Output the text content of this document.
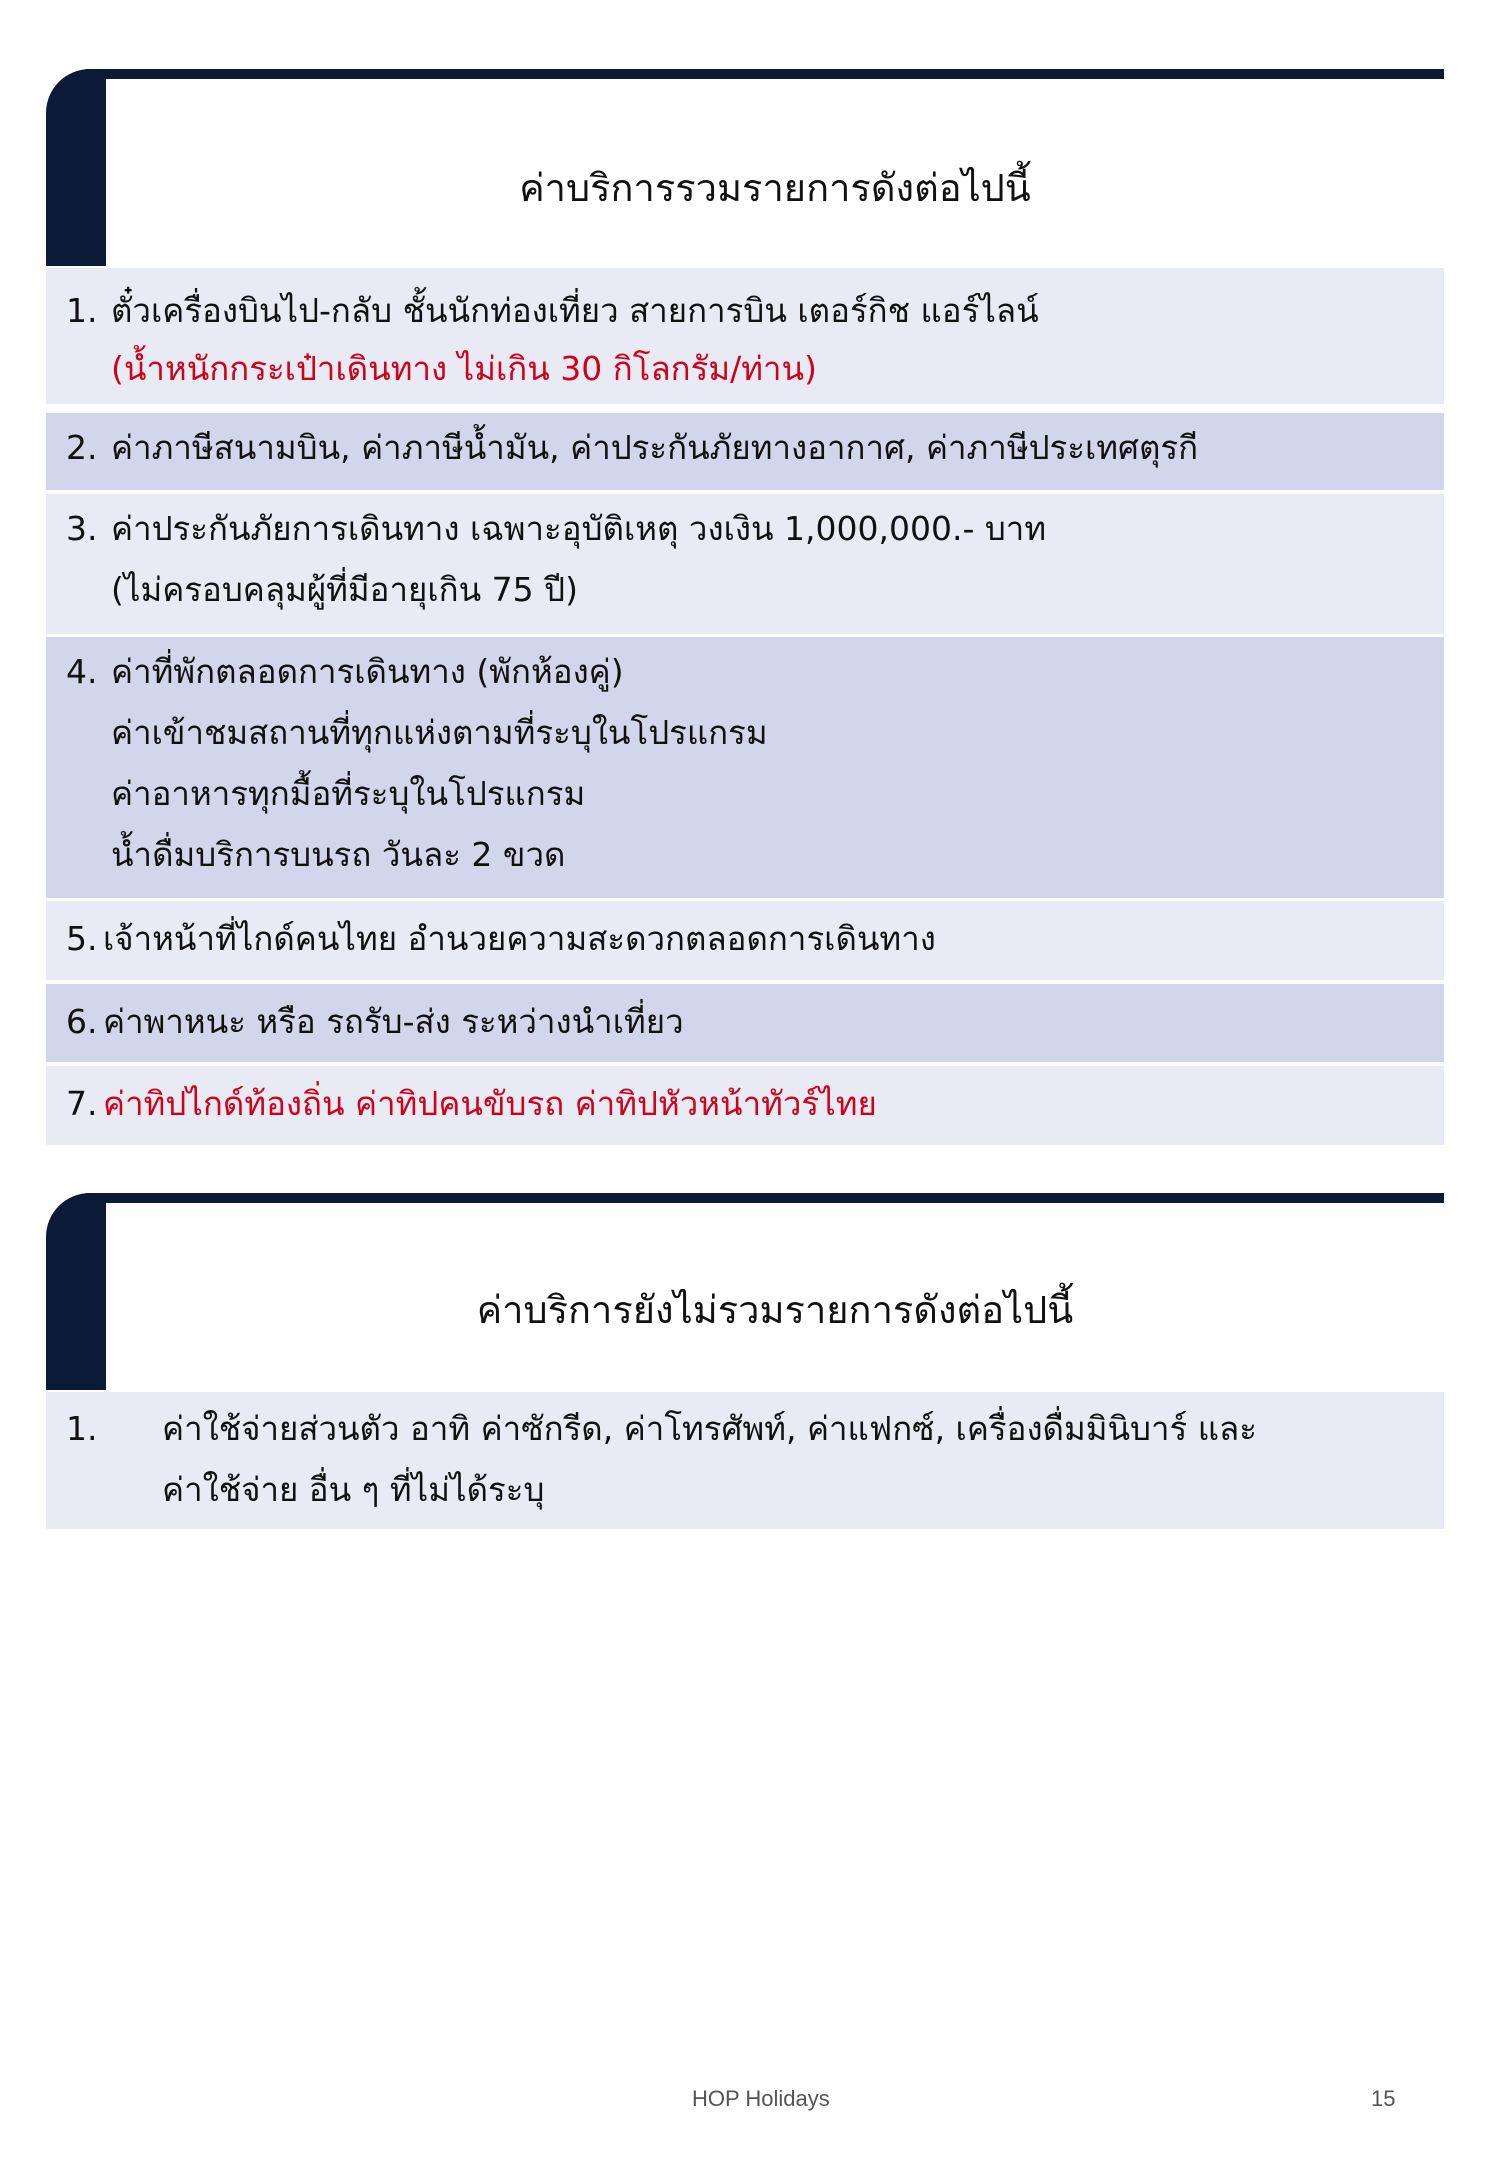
ค่าบริการรวมรายการดังต่อไปนี้
1. ตั๋วเครื่องบินไป-กลับ ชั้นนักท่องเที่ยว สายการบิน เตอร์กิช แอร์ไลน์
(น้ำหนักกระเป๋าเดินทาง ไม่เกิน 30 กิโลกรัม/ท่าน)
2. ค่าภาษีสนามบิน, ค่าภาษีน้ำมัน, ค่าประกันภัยทางอากาศ, ค่าภาษีประเทศตุรกี
3. ค่าประกันภัยการเดินทาง เฉพาะอุบัติเหตุ วงเงิน 1,000,000.- บาท
(ไม่ครอบคลุมผู้ที่มีอายุเกิน 75 ปี)
4. ค่าที่พักตลอดการเดินทาง (พักห้องคู่)
ค่าเข้าชมสถานที่ทุกแห่งตามที่ระบุในโปรแกรม
ค่าอาหารทุกมื้อที่ระบุในโปรแกรม
น้ำดื่มบริการบนรถ วันละ 2 ขวด
5. เจ้าหน้าที่ไกด์คนไทย อำนวยความสะดวกตลอดการเดินทาง
6. ค่าพาหนะ หรือ รถรับ-ส่ง ระหว่างนำเที่ยว
7. ค่าทิปไกด์ท้องถิ่น ค่าทิปคนขับรถ ค่าทิปหัวหน้าทัวร์ไทย
ค่าบริการยังไม่รวมรายการดังต่อไปนี้
1. ค่าใช้จ่ายส่วนตัว อาทิ ค่าซักรีด, ค่าโทรศัพท์, ค่าแฟกซ์, เครื่องดื่มมินิบาร์ และ
ค่าใช้จ่าย อื่น ๆ ที่ไม่ได้ระบุ
HOP Holidays	15
